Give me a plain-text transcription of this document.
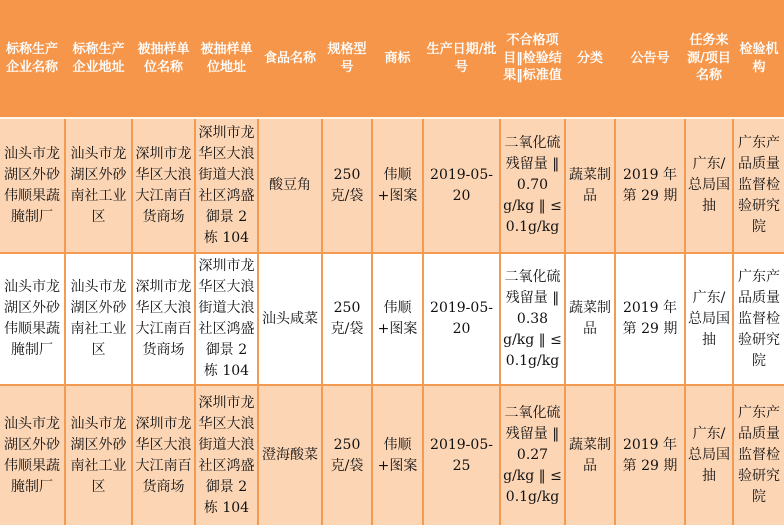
标称生产企业名称	标称生产企业地址	被抽样单位名称	被抽样单位地址	食品名称	规格型号	商标	生产日期/批号	不合格项目‖检验结果‖标准值	分类	公告号	任务来源/项目名称	检验机构
汕头市龙湖区外砂伟顺果蔬腌制厂	汕头市龙湖区外砂南社工业区	深圳市龙华区大浪大江南百货商场	深圳市龙华区大浪街道大浪社区鸿盛御景 2 栋 104	酸豆角	250 克/袋	伟顺+图案	2019-05-20	二氧化硫残留量 ‖ 0.70 g/kg ‖ ≤ 0.1g/kg	蔬菜制品	2019 年第 29 期	广东/总局国抽	广东产品质量监督检验研究院
汕头市龙湖区外砂伟顺果蔬腌制厂	汕头市龙湖区外砂南社工业区	深圳市龙华区大浪大江南百货商场	深圳市龙华区大浪街道大浪社区鸿盛御景 2 栋 104	汕头咸菜	250 克/袋	伟顺+图案	2019-05-20	二氧化硫残留量 ‖ 0.38 g/kg ‖ ≤ 0.1g/kg	蔬菜制品	2019 年第 29 期	广东/总局国抽	广东产品质量监督检验研究院
汕头市龙湖区外砂伟顺果蔬腌制厂	汕头市龙湖区外砂南社工业区	深圳市龙华区大浪大江南百货商场	深圳市龙华区大浪街道大浪社区鸿盛御景 2 栋 104	澄海酸菜	250 克/袋	伟顺+图案	2019-05-25	二氧化硫残留量 ‖ 0.27 g/kg ‖ ≤ 0.1g/kg	蔬菜制品	2019 年第 29 期	广东/总局国抽	广东产品质量监督检验研究院
